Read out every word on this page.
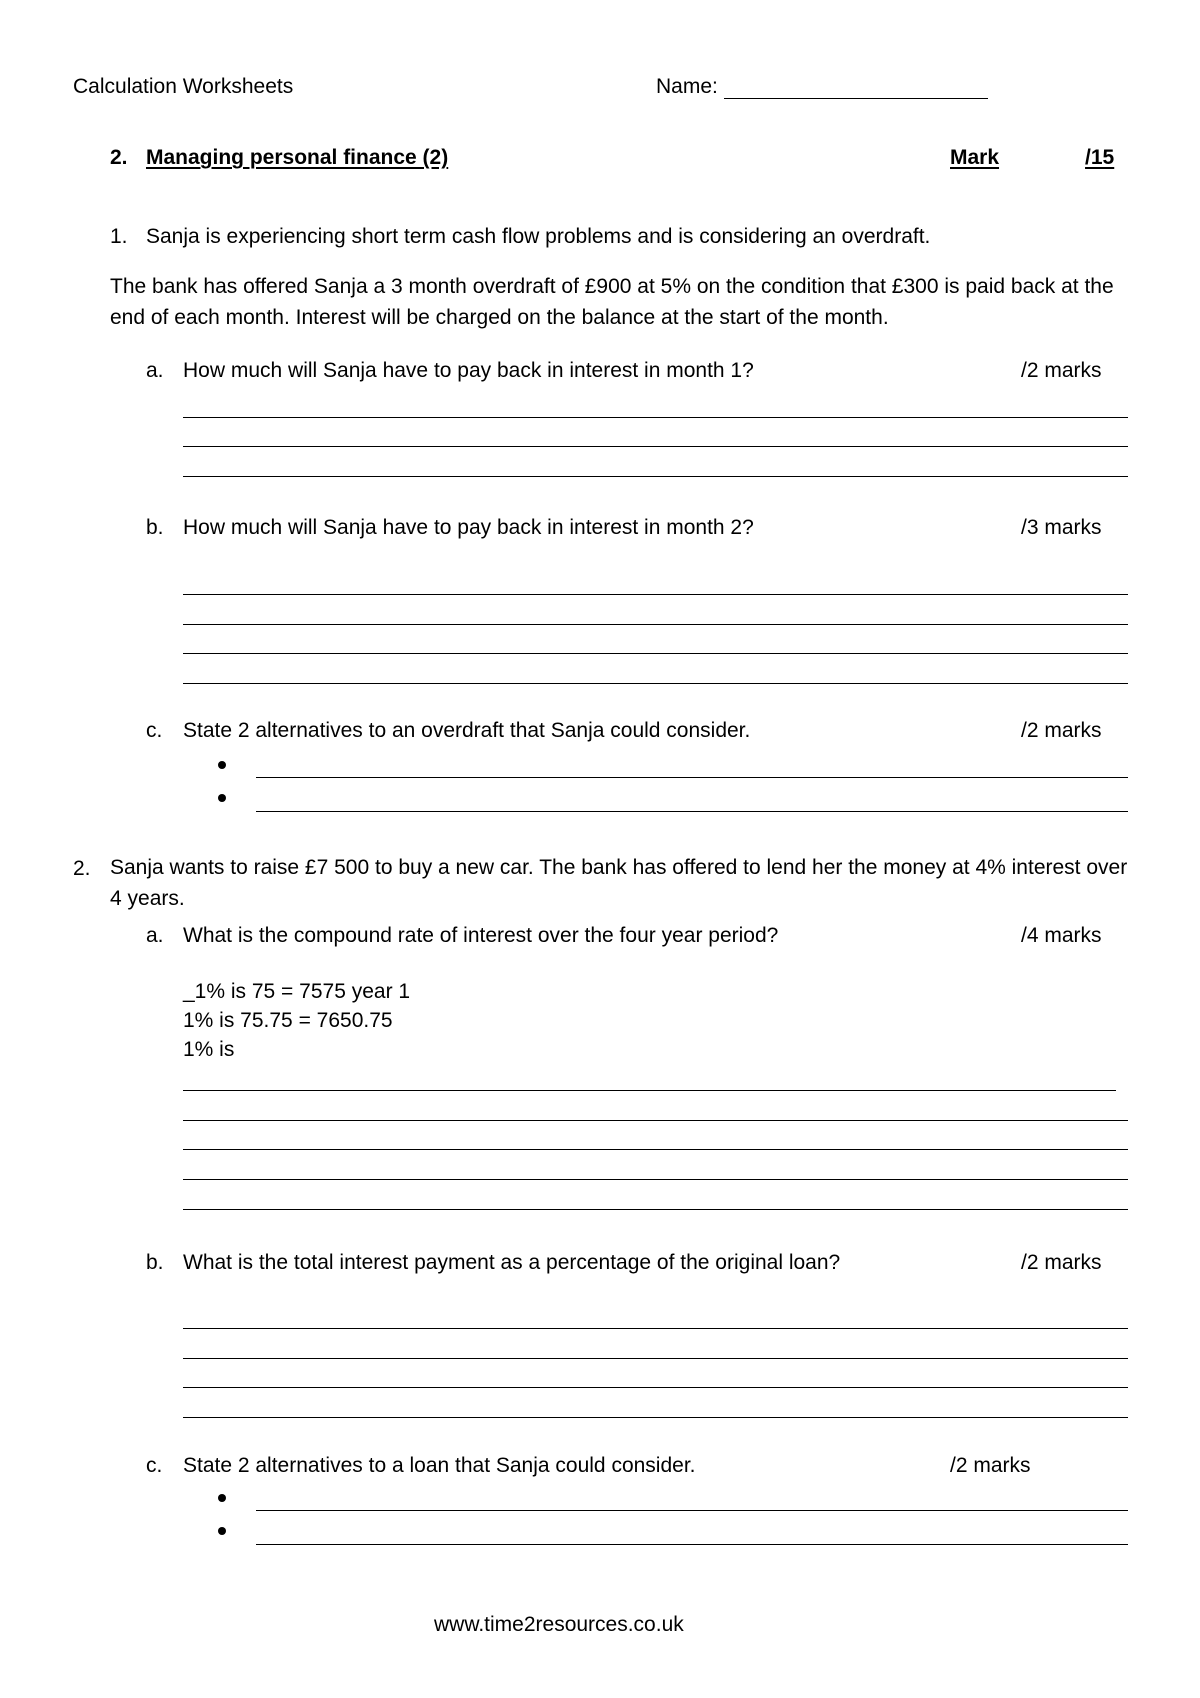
Calculation Worksheets	Name:
2. Managing personal finance (2)	Mark	/15
1. Sanja is experiencing short term cash flow problems and is considering an overdraft.
The bank has offered Sanja a 3 month overdraft of £900 at 5% on the condition that £300 is paid back at the end of each month. Interest will be charged on the balance at the start of the month.
a. How much will Sanja have to pay back in interest in month 1?	/2 marks
b. How much will Sanja have to pay back in interest in month 2?	/3 marks
c. State 2 alternatives to an overdraft that Sanja could consider.	/2 marks
2. Sanja wants to raise £7 500 to buy a new car. The bank has offered to lend her the money at 4% interest over 4 years.
a. What is the compound rate of interest over the four year period?	/4 marks
_1% is 75 = 7575 year 1
1% is 75.75 = 7650.75
1% is
b. What is the total interest payment as a percentage of the original loan?	/2 marks
c. State 2 alternatives to a loan that Sanja could consider.	/2 marks
www.time2resources.co.uk
